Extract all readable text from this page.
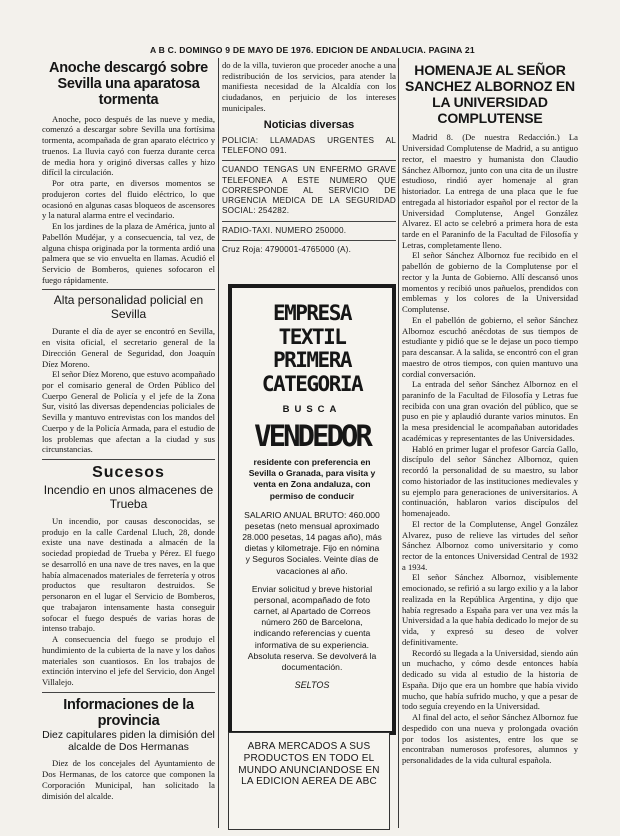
A B C. DOMINGO 9 DE MAYO DE 1976. EDICION DE ANDALUCIA. PAGINA 21

Anoche descargó sobre Sevilla una aparatosa tormenta

Anoche, poco después de las nueve y media, comenzó a descargar sobre Sevilla una fortísima tormenta, acompañada de gran aparato eléctrico y truenos. La lluvia cayó con fuerza durante cerca de media hora y originó diversas calles y hizo difícil la circulación.

Por otra parte, en diversos momentos se produjeron cortes del fluido eléctrico, lo que ocasionó en algunas casas bloqueos de ascensores y la natural alarma entre el vecindario.

En los jardines de la plaza de América, junto al Pabellón Mudéjar, y a consecuencia, tal vez, de alguna chispa originada por la tormenta ardió una palmera que se vio envuelta en llamas. Acudió el Servicio de Bomberos, quienes sofocaron el fuego rápidamente.

Alta personalidad policial en Sevilla

Durante el día de ayer se encontró en Sevilla, en visita oficial, el secretario general de la Dirección General de Seguridad, don Joaquín Díez Moreno.

El señor Díez Moreno, que estuvo acompañado por el comisario general de Orden Público del Cuerpo General de Policía y el jefe de la Zona Sur, visitó las diversas dependencias policiales de Sevilla y mantuvo entrevistas con los mandos del Cuerpo y de la Policía Armada, para el estudio de los problemas que afectan a la ciudad y sus circunstancias.

Sucesos

Incendio en unos almacenes de Trueba

Un incendio, por causas desconocidas, se produjo en la calle Cardenal Lluch, 28, donde existe una nave destinada a almacén de la sociedad propiedad de Trueba y Pérez. El fuego se desarrolló en una nave de tres naves, en la que había almacenados materiales de ferretería y otros productos que resultaron destruidos. Se personaron en el lugar el Servicio de Bomberos, que trabajaron intensamente hasta conseguir sofocar el fuego después de varias horas de intenso trabajo.

A consecuencia del fuego se produjo el hundimiento de la cubierta de la nave y los daños materiales son cuantiosos. En los trabajos de extinción intervino el jefe del Servicio, don Angel Villalejo.

Informaciones de la provincia

Diez capitulares piden la dimisión del alcalde de Dos Hermanas

Diez de los concejales del Ayuntamiento de Dos Hermanas, de los catorce que componen la Corporación Municipal, han solicitado la dimisión del alcalde.

do de la villa, tuvieron que proceder anoche a una redistribución de los servicios, para atender la manifiesta necesidad de la Alcaldía con los ciudadanos, en perjuicio de los intereses municipales.

Noticias diversas

POLICIA: LLAMADAS URGENTES AL TELEFONO 091.

CUANDO TENGAS UN ENFERMO GRAVE TELEFONEA A ESTE NUMERO QUE CORRESPONDE AL SERVICIO DE URGENCIA MEDICA DE LA SEGURIDAD SOCIAL: 254282.

RADIO-TAXI. NUMERO 250000.

Cruz Roja: 4790001-4765000 (A).

EMPRESA TEXTIL

PRIMERA CATEGORIA

BUSCA

VENDEDOR

residente con preferencia en Sevilla o Granada, para visita y venta en Zona andaluza, con permiso de conducir

SALARIO ANUAL BRUTO: 460.000 pesetas (neto mensual aproximado 28.000 pesetas, 14 pagas año), más dietas y kilometraje. Fijo en nómina y Seguros Sociales. Veinte días de vacaciones al año.

Enviar solicitud y breve historial personal, acompañado de foto carnet, al Apartado de Correos número 260 de Barcelona, indicando referencias y cuenta informativa de su experiencia. Absoluta reserva. Se devolverá la documentación.

SELTOS

ABRA MERCADOS A SUS PRODUCTOS EN TODO EL MUNDO ANUNCIANDOSE EN LA EDICION AEREA DE ABC

HOMENAJE AL SEÑOR SANCHEZ ALBORNOZ EN LA UNIVERSIDAD COMPLUTENSE

Madrid 8. (De nuestra Redacción.) La Universidad Complutense de Madrid, a su antiguo rector, el maestro y humanista don Claudio Sánchez Albornoz, junto con una cita de un ilustre estudioso, rindió ayer homenaje al gran historiador. La entrega de una placa que le fue entregada al historiador español por el rector de la Universidad Complutense, Angel González Alvarez. El acto se celebró a primera hora de esta tarde en el Paraninfo de la Facultad de Filosofía y Letras, completamente lleno.

El señor Sánchez Albornoz fue recibido en el pabellón de gobierno de la Complutense por el rector y la Junta de Gobierno. Allí descansó unos momentos y recibió unos pañuelos, prendidos con emblemas y los colores de la Universidad Complutense.

En el pabellón de gobierno, el señor Sánchez Albornoz escuchó anécdotas de sus tiempos de estudiante y pidió que se le dejase un poco tiempo para descansar. A la salida, se encontró con el gran maestro de otros tiempos, con quien mantuvo una cordial conversación.

La entrada del señor Sánchez Albornoz en el paraninfo de la Facultad de Filosofía y Letras fue recibida con una gran ovación del público, que se puso en pie y aplaudió durante varios minutos. En la mesa presidencial le acompañaban autoridades académicas y representantes de las Universidades.

Habló en primer lugar el profesor García Gallo, discípulo del señor Sánchez Albornoz, quien recordó la personalidad de su maestro, su labor como historiador de las instituciones medievales y su ejemplo para generaciones de universitarios. A continuación, hablaron varios discípulos del homenajeado.

El rector de la Complutense, Angel González Alvarez, puso de relieve las virtudes del señor Sánchez Albornoz como universitario y como rector de la entonces Universidad Central de 1932 a 1934.

El señor Sánchez Albornoz, visiblemente emocionado, se refirió a su largo exilio y a la labor realizada en la República Argentina, y dijo que había regresado a España para ver una vez más la Universidad a la que había dedicado lo mejor de su vida, y expresó su deseo de volver definitivamente.

Recordó su llegada a la Universidad, siendo aún un muchacho, y cómo desde entonces había dedicado su vida al estudio de la historia de España. Dijo que era un hombre que había vivido mucho, que había sufrido mucho, y que a pesar de todo seguía creyendo en la Universidad.

Al final del acto, el señor Sánchez Albornoz fue despedido con una nueva y prolongada ovación por todos los asistentes, entre los que se encontraban numerosos profesores, alumnos y personalidades de la vida cultural española.
